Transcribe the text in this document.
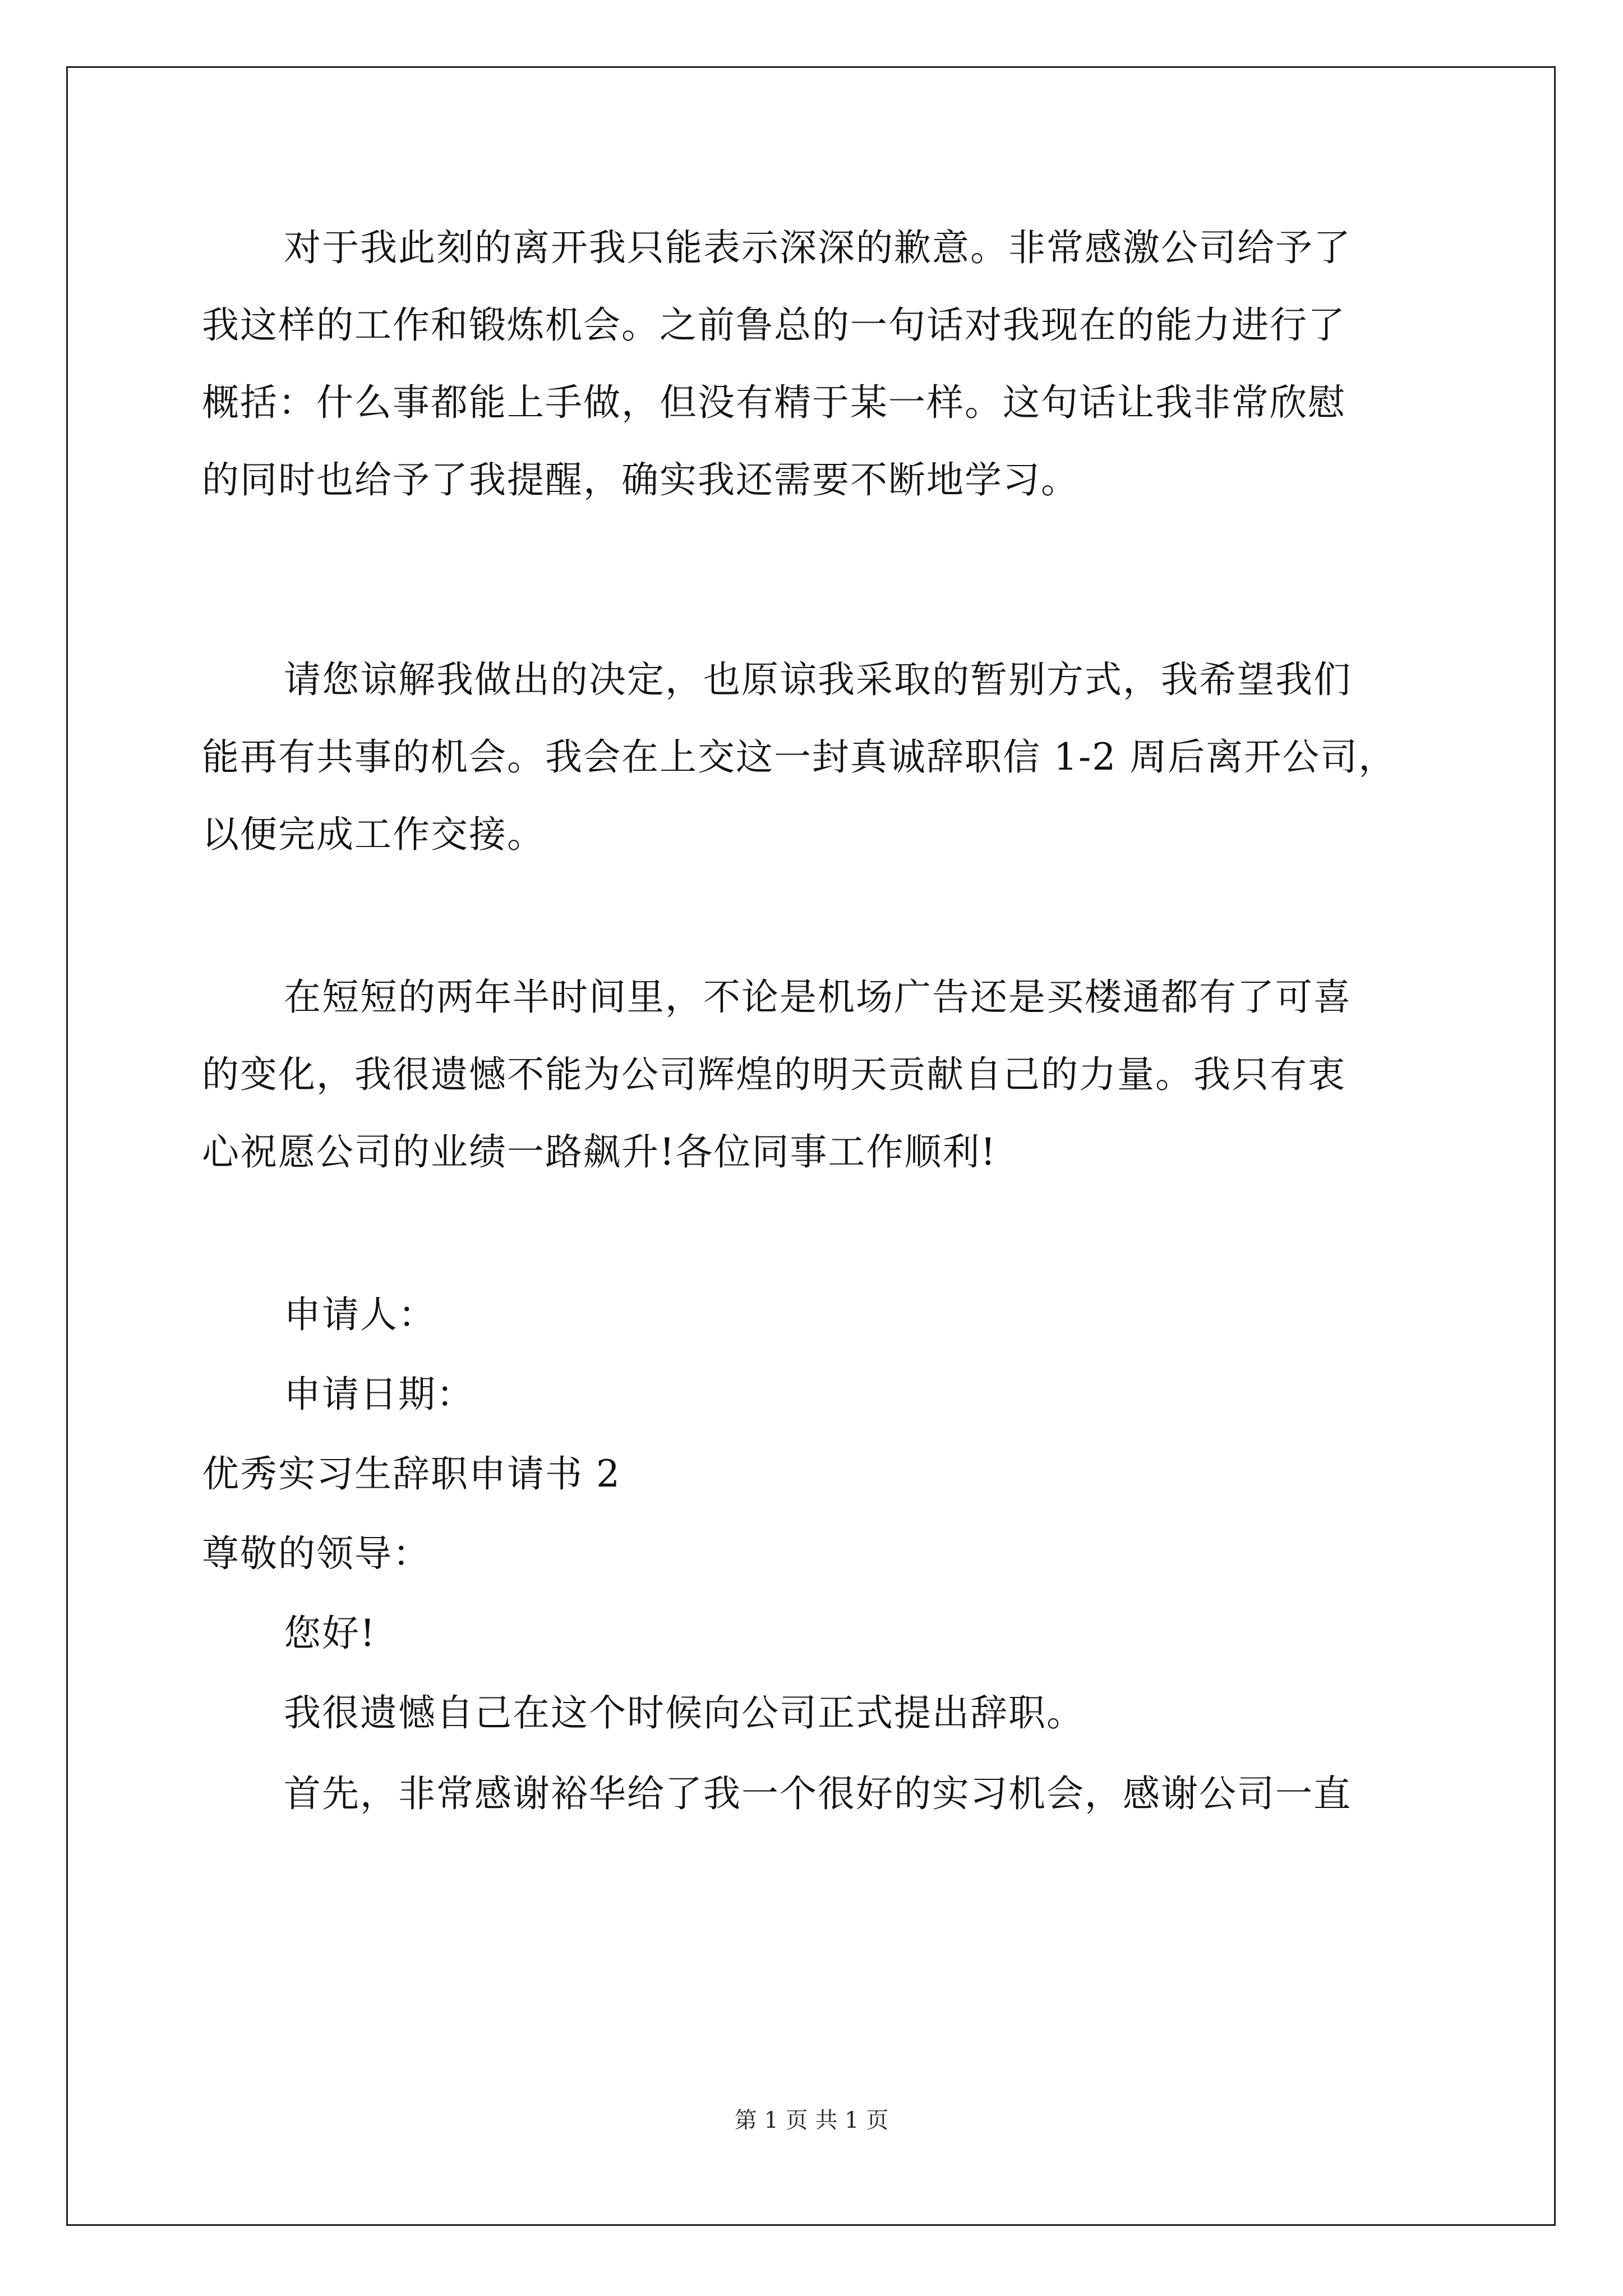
对于我此刻的离开我只能表示深深的歉意。非常感激公司给予了
我这样的工作和锻炼机会。之前鲁总的一句话对我现在的能力进行了
概括：什么事都能上手做，但没有精于某一样。这句话让我非常欣慰
的同时也给予了我提醒，确实我还需要不断地学习。
请您谅解我做出的决定，也原谅我采取的暂别方式，我希望我们
能再有共事的机会。我会在上交这一封真诚辞职信 1-2 周后离开公司，
以便完成工作交接。
在短短的两年半时间里，不论是机场广告还是买楼通都有了可喜
的变化，我很遗憾不能为公司辉煌的明天贡献自己的力量。我只有衷
心祝愿公司的业绩一路飙升!各位同事工作顺利!
申请人：
申请日期：
优秀实习生辞职申请书 2
尊敬的领导：
您好!
我很遗憾自己在这个时候向公司正式提出辞职。
首先，非常感谢裕华给了我一个很好的实习机会，感谢公司一直
第 1 页 共 1 页
